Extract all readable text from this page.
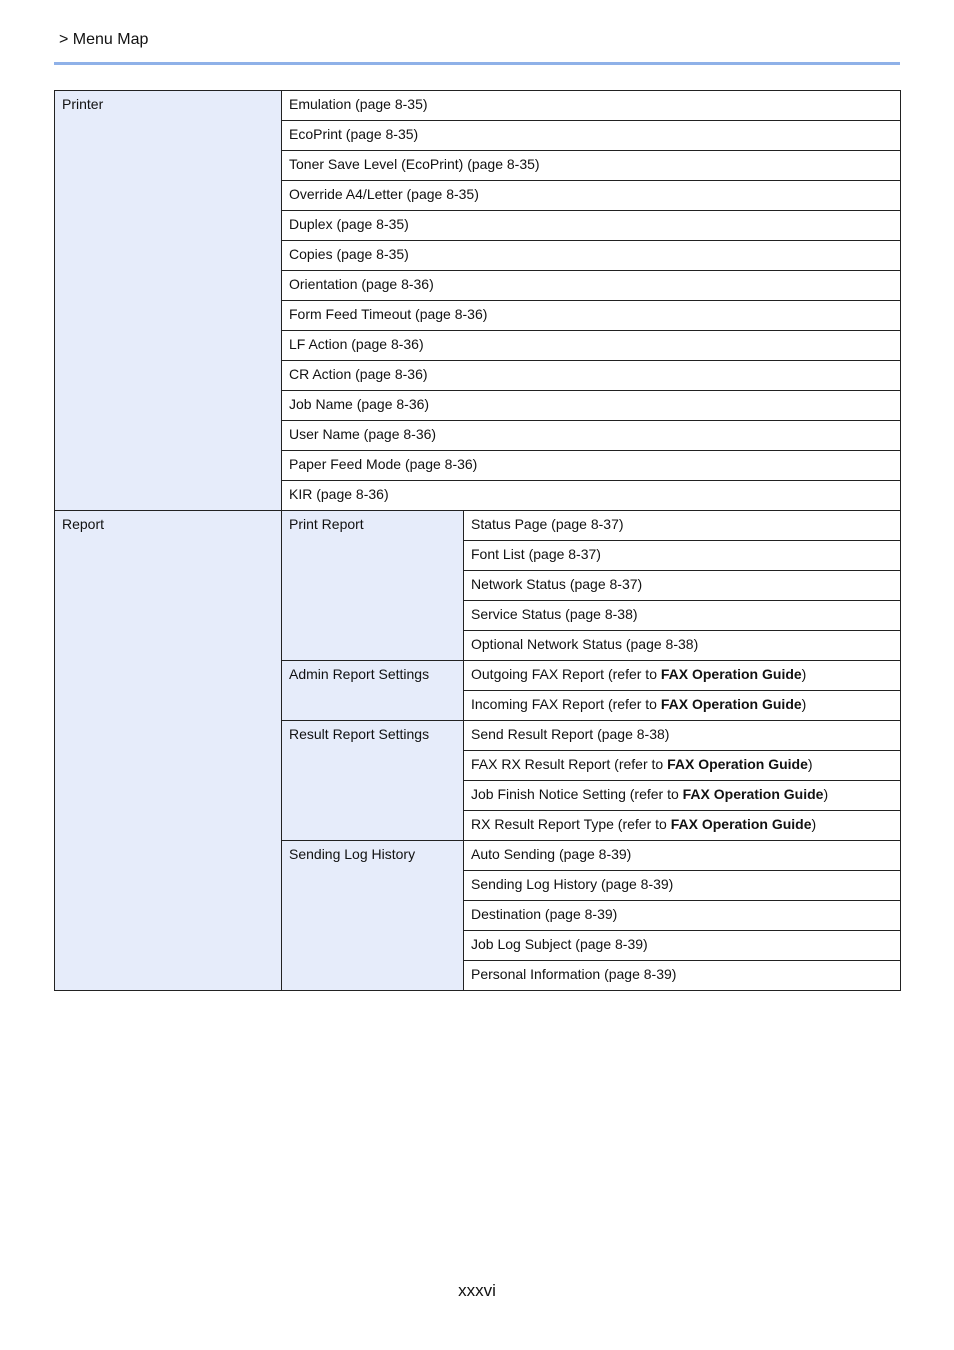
> Menu Map
Printer	Emulation (page 8-35)	
	EcoPrint (page 8-35)	
	Toner Save Level (EcoPrint) (page 8-35)	
	Override A4/Letter (page 8-35)	
	Duplex (page 8-35)	
	Copies (page 8-35)	
	Orientation (page 8-36)	
	Form Feed Timeout (page 8-36)	
	LF Action (page 8-36)	
	CR Action (page 8-36)	
	Job Name (page 8-36)	
	User Name (page 8-36)	
	Paper Feed Mode (page 8-36)	
	KIR (page 8-36)	
Report	Print Report	Status Page (page 8-37)
		Font List (page 8-37)
		Network Status (page 8-37)
		Service Status (page 8-38)
		Optional Network Status (page 8-38)
	Admin Report Settings	Outgoing FAX Report (refer to FAX Operation Guide)
		Incoming FAX Report (refer to FAX Operation Guide)
	Result Report Settings	Send Result Report (page 8-38)
		FAX RX Result Report (refer to FAX Operation Guide)
		Job Finish Notice Setting (refer to FAX Operation Guide)
		RX Result Report Type (refer to FAX Operation Guide)
	Sending Log History	Auto Sending (page 8-39)
		Sending Log History (page 8-39)
		Destination (page 8-39)
		Job Log Subject (page 8-39)
		Personal Information (page 8-39)
xxxvi
